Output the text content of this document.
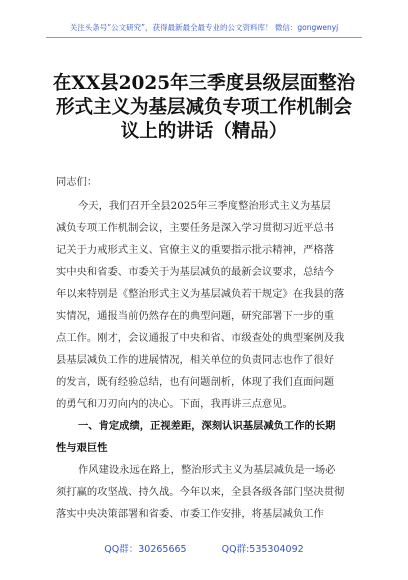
关注头条号“公文研究”，获得最新最全最专业的公文资料库！ 微信：gongwenyj
在XX县2025年三季度县级层面整治
形式主义为基层减负专项工作机制会
议上的讲话（精品）
同志们：
今天，我们召开全县2025年三季度整治形式主义为基层
减负专项工作机制会议，主要任务是深入学习贯彻习近平总书
记关于力戒形式主义、官僚主义的重要指示批示精神，严格落
实中央和省委、市委关于为基层减负的最新会议要求，总结今
年以来特别是《整治形式主义为基层减负若干规定》在我县的落
实情况，通报当前仍然存在的典型问题，研究部署下一步的重
点工作。刚才，会议通报了中央和省、市级查处的典型案例及我
县基层减负工作的进展情况，相关单位的负责同志也作了很好
的发言，既有经验总结，也有问题剖析，体现了我们直面问题
的勇气和刀刃向内的决心。下面，我再讲三点意见。
一、肯定成绩，正视差距，深刻认识基层减负工作的长期
性与艰巨性
作风建设永远在路上，整治形式主义为基层减负是一场必
须打赢的攻坚战、持久战。今年以来，全县各级各部门坚决贯彻
落实中央决策部署和省委、市委工作安排，将基层减负工作
QQ群：30265665	QQ群:535304092
